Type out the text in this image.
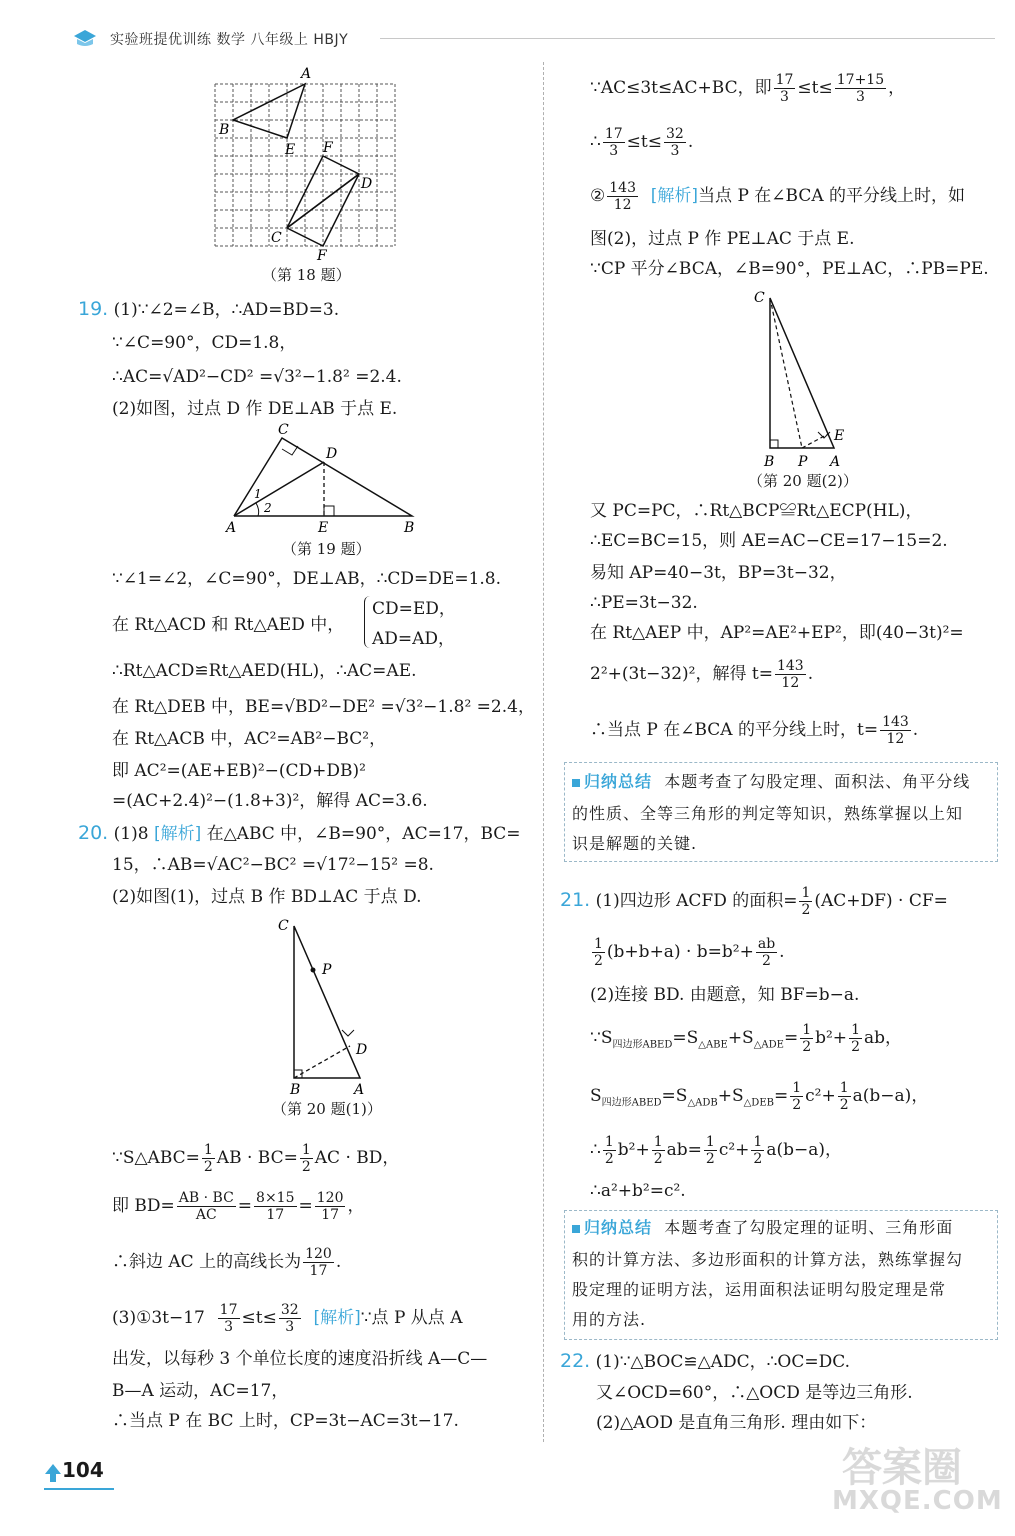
实验班提优训练 数学 八年级上 HBJY
A
B
E F
D
C
F
（第 18 题）
19. (1)∵∠2=∠B，∴AD=BD=3.
∵∠C=90°，CD=1.8，
∴AC=√AD²−CD² =√3²−1.8² =2.4.
(2)如图，过点 D 作 DE⊥AB 于点 E.
C
D
1
2
A	E	B
（第 19 题）
∵∠1=∠2，∠C=90°，DE⊥AB，∴CD=DE=1.8.
在 Rt△ACD 和 Rt△AED 中，
CD=ED，
AD=AD，
∴Rt△ACD≌Rt△AED(HL)，∴AC=AE.
在 Rt△DEB 中，BE=√BD²−DE² =√3²−1.8² =2.4，
在 Rt△ACB 中，AC²=AB²−BC²，
即 AC²=(AE+EB)²−(CD+DB)²
=(AC+2.4)²−(1.8+3)²，解得 AC=3.6.
20. (1)8 [解析] 在△ABC 中，∠B=90°，AC=17，BC=
15，∴AB=√AC²−BC² =√17²−15² =8.
(2)如图(1)，过点 B 作 BD⊥AC 于点 D.
C
P
D
B	A
（第 20 题(1)）
∵S△ABC= $\frac{1}{2}$ AB · $BC= \frac{1}{2}$ AC · BD，
即 $BD= \frac{AB \cdot BC}{AC} = \frac{8\times 15}{17} = \frac{120}{17}$ ，
∴斜边 AC 上的高线长为 $\frac{120}{17}$ .
(3)①3t−17 $\frac{17}{3} \le t\le \frac{32}{3}$ [解析]∵点 P 从点 A
出发，以每秒 3 个单位长度的速度沿折线 A—C—
B—A 运动，AC=17，
∴当点 P 在 BC 上时，CP=3t−AC=3t−17.
∵AC≤3t≤AC+BC，即 $\frac{17}{3} \le t\le \frac{17+15}{3}$ ，
∴ $\frac{17}{3} \le t\le \frac{32}{3}$ .
② $\frac{143}{12}$ [解析]当点 P 在∠BCA 的平分线上时，如
图(2)，过点 P 作 PE⊥AC 于点 E.
∵CP 平分∠BCA，∠B=90°，PE⊥AC，∴PB=PE.
C
E
B P A
（第 20 题(2)）
又 PC=PC，∴Rt△BCP≌Rt△ECP(HL)，
∴EC=BC=15，则 AE=AC−CE=17−15=2.
易知 AP=40−3t，BP=3t−32，
∴PE=3t−32.
在 Rt△AEP 中，AP²=AE²+EP²，即(40−3t)²=
2²+(3t−32)²，解得 $t= \frac{143}{12}$ .
∴当点 P 在∠BCA 的平分线上时，$t= \frac{143}{12}$ .
归纳总结 本题考查了勾股定理、面积法、角平分线
的性质、全等三角形的判定等知识，熟练掌握以上知
识是解题的关键.
21. (1)四边形 ACFD 的面积= $\frac{1}{2} (AC+DF) \cdot CF=$
$\frac{1}{2} (b+b+a) \cdot b=b^2+ \frac{ab}{2}$ .
(2)连接 BD. 由题意，知 BF=b−a.
$\because S_{四边形ABED}=S_{\triangle ABE}+S_{\triangle ADE}= \frac{1}{2} b^2+ \frac{1}{2}$ ab，
$S_{四边形ABED}=S_{\triangle ADB}+S_{\triangle DEB}= \frac{1}{2} c^2+ \frac{1}{2} a(b-a)$，
∴ $\frac{1}{2} b^2+ \frac{1}{2} ab= \frac{1}{2} c^2+ \frac{1}{2} a(b-a)$，
∴a²+b²=c².
归纳总结 本题考查了勾股定理的证明、三角形面
积的计算方法、多边形面积的计算方法，熟练掌握勾
股定理的证明方法，运用面积法证明勾股定理是常
用的方法.
22. (1)∵△BOC≌△ADC，∴OC=DC.
又∠OCD=60°，∴△OCD 是等边三角形.
(2)△AOD 是直角三角形. 理由如下：
104	答案圈
MXQE.COM
